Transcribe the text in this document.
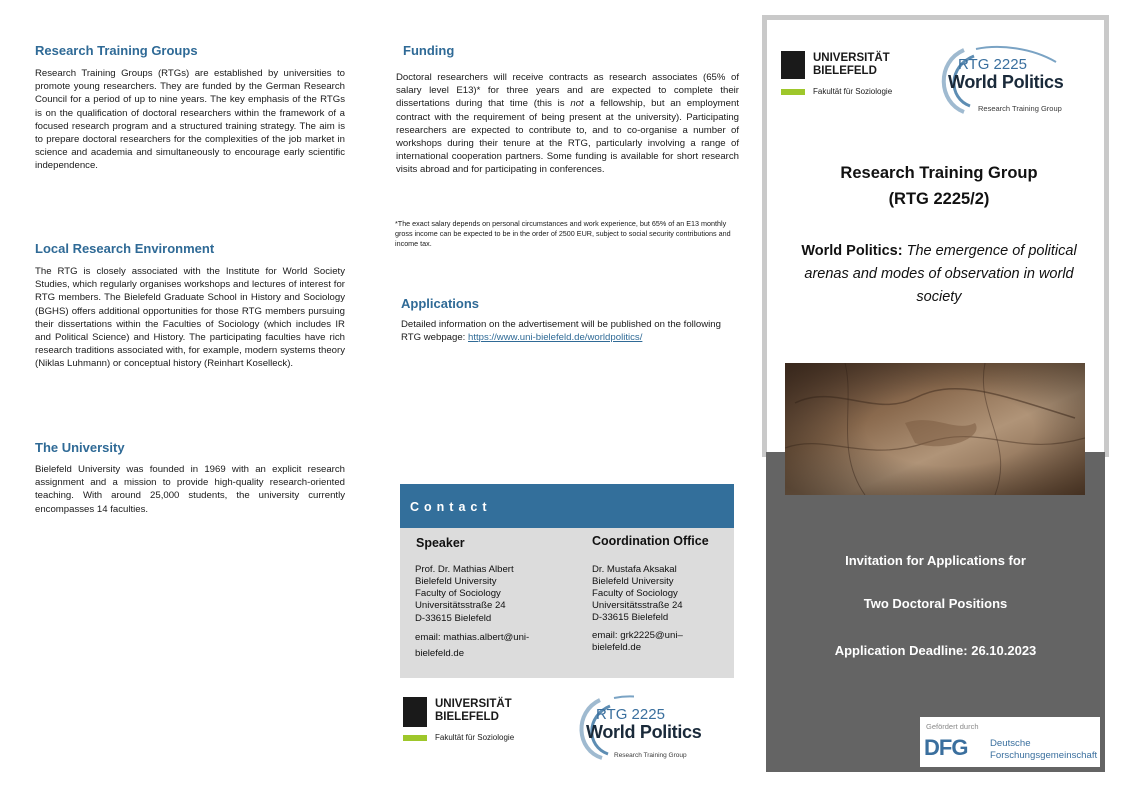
Research Training Groups

Research Training Groups (RTGs) are established by universities to promote young researchers. They are funded by the German Research Council for a period of up to nine years. The key emphasis of the RTGs is on the qualification of doctoral researchers within the framework of a focused research program and a structured training strategy. The aim is to prepare doctoral researchers for the complexities of the job market in science and academia and simultaneously to encourage early scientific independence.

Local Research Environment

The RTG is closely associated with the Institute for World Society Studies, which regularly organises workshops and lectures of interest for RTG members. The Bielefeld Graduate School in History and Sociology (BGHS) offers additional opportunities for those RTG members pursuing their dissertations within the Faculties of Sociology (which includes IR and Political Science) and History. The participating faculties have rich research traditions associated with, for example, modern systems theory (Niklas Luhmann) or conceptual history (Reinhart Koselleck).

The University

Bielefeld University was founded in 1969 with an explicit research assignment and a mission to provide high-quality research-oriented teaching. With around 25,000 students, the university currently encompasses 14 faculties.

Funding

Doctoral researchers will receive contracts as research associates (65% of salary level E13)* for three years and are expected to complete their dissertations during that time (this is not a fellowship, but an employment contract with the requirement of being present at the university). Participating researchers are expected to contribute to, and to co-organise a number of workshops during their tenure at the RTG, particularly involving a range of international cooperation partners. Some funding is available for short research visits abroad and for participating in conferences.

*The exact salary depends on personal circumstances and work experience, but 65% of an E13 monthly gross income can be expected to be in the order of 2500 EUR, subject to social security contributions and income tax.

Applications

Detailed information on the advertisement will be published on the following RTG webpage: https://www.uni-bielefeld.de/worldpolitics/

Contact
Speaker
Prof. Dr. Mathias Albert
Bielefeld University
Faculty of Sociology
Universitätsstraße 24
D-33615 Bielefeld
email: mathias.albert@uni-
bielefeld.de
Coordination Office
Dr. Mustafa Aksakal
Bielefeld University
Faculty of Sociology
Universitätsstraße 24
D-33615 Bielefeld
email: grk2225@uni–
bielefeld.de
UNIVERSITÄT
BIELEFELD
Fakultät für Soziologie
RTG 2225
World Politics
Research Training Group
UNIVERSITÄT
BIELEFELD
Fakultät für Soziologie
RTG 2225
World Politics
Research Training Group
Research Training Group
(RTG 2225/2)
World Politics: The emergence of political arenas and modes of observation in world society
Invitation for Applications for
Two Doctoral Positions
Application Deadline: 26.10.2023
Gefördert durch
DFG Deutsche
Forschungsgemeinschaft
